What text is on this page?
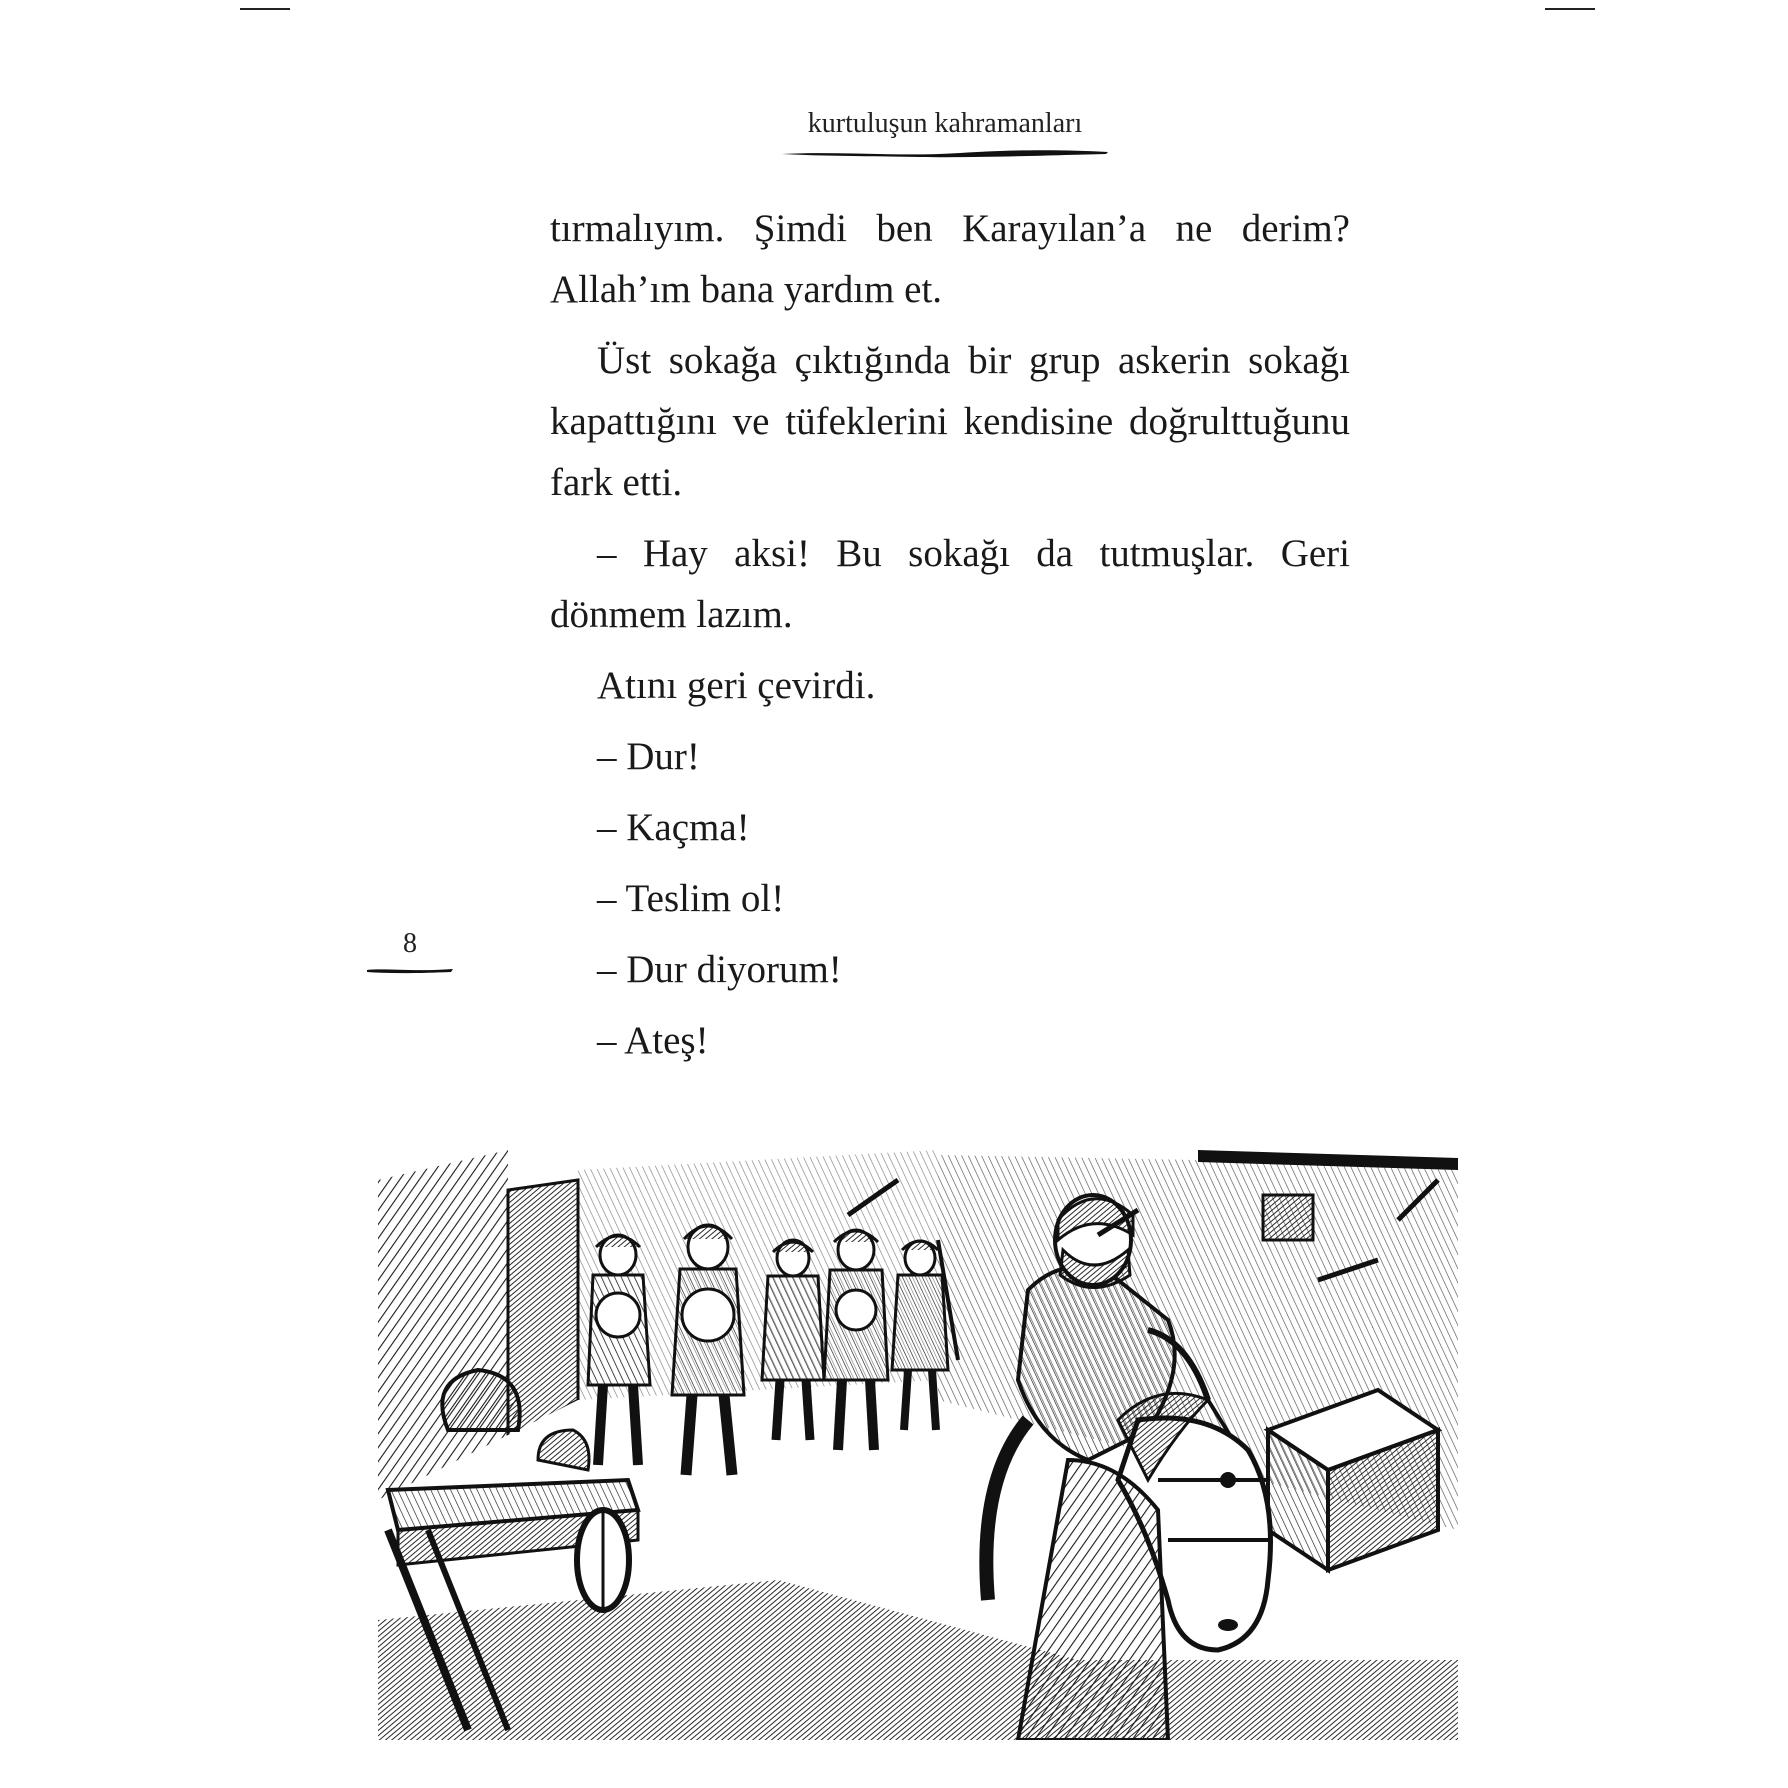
kurtuluşun kahramanları

tırmalıyım. Şimdi ben Karayılan’a ne derim? Allah’ım bana yardım et.

Üst sokağa çıktığında bir grup askerin sokağı kapattığını ve tüfeklerini kendisine doğrulttuğunu fark etti.

– Hay aksi! Bu sokağı da tutmuşlar. Geri dönmem lazım.

Atını geri çevirdi.

– Dur!

– Kaçma!

– Teslim ol!

– Dur diyorum!

– Ateş!

8
